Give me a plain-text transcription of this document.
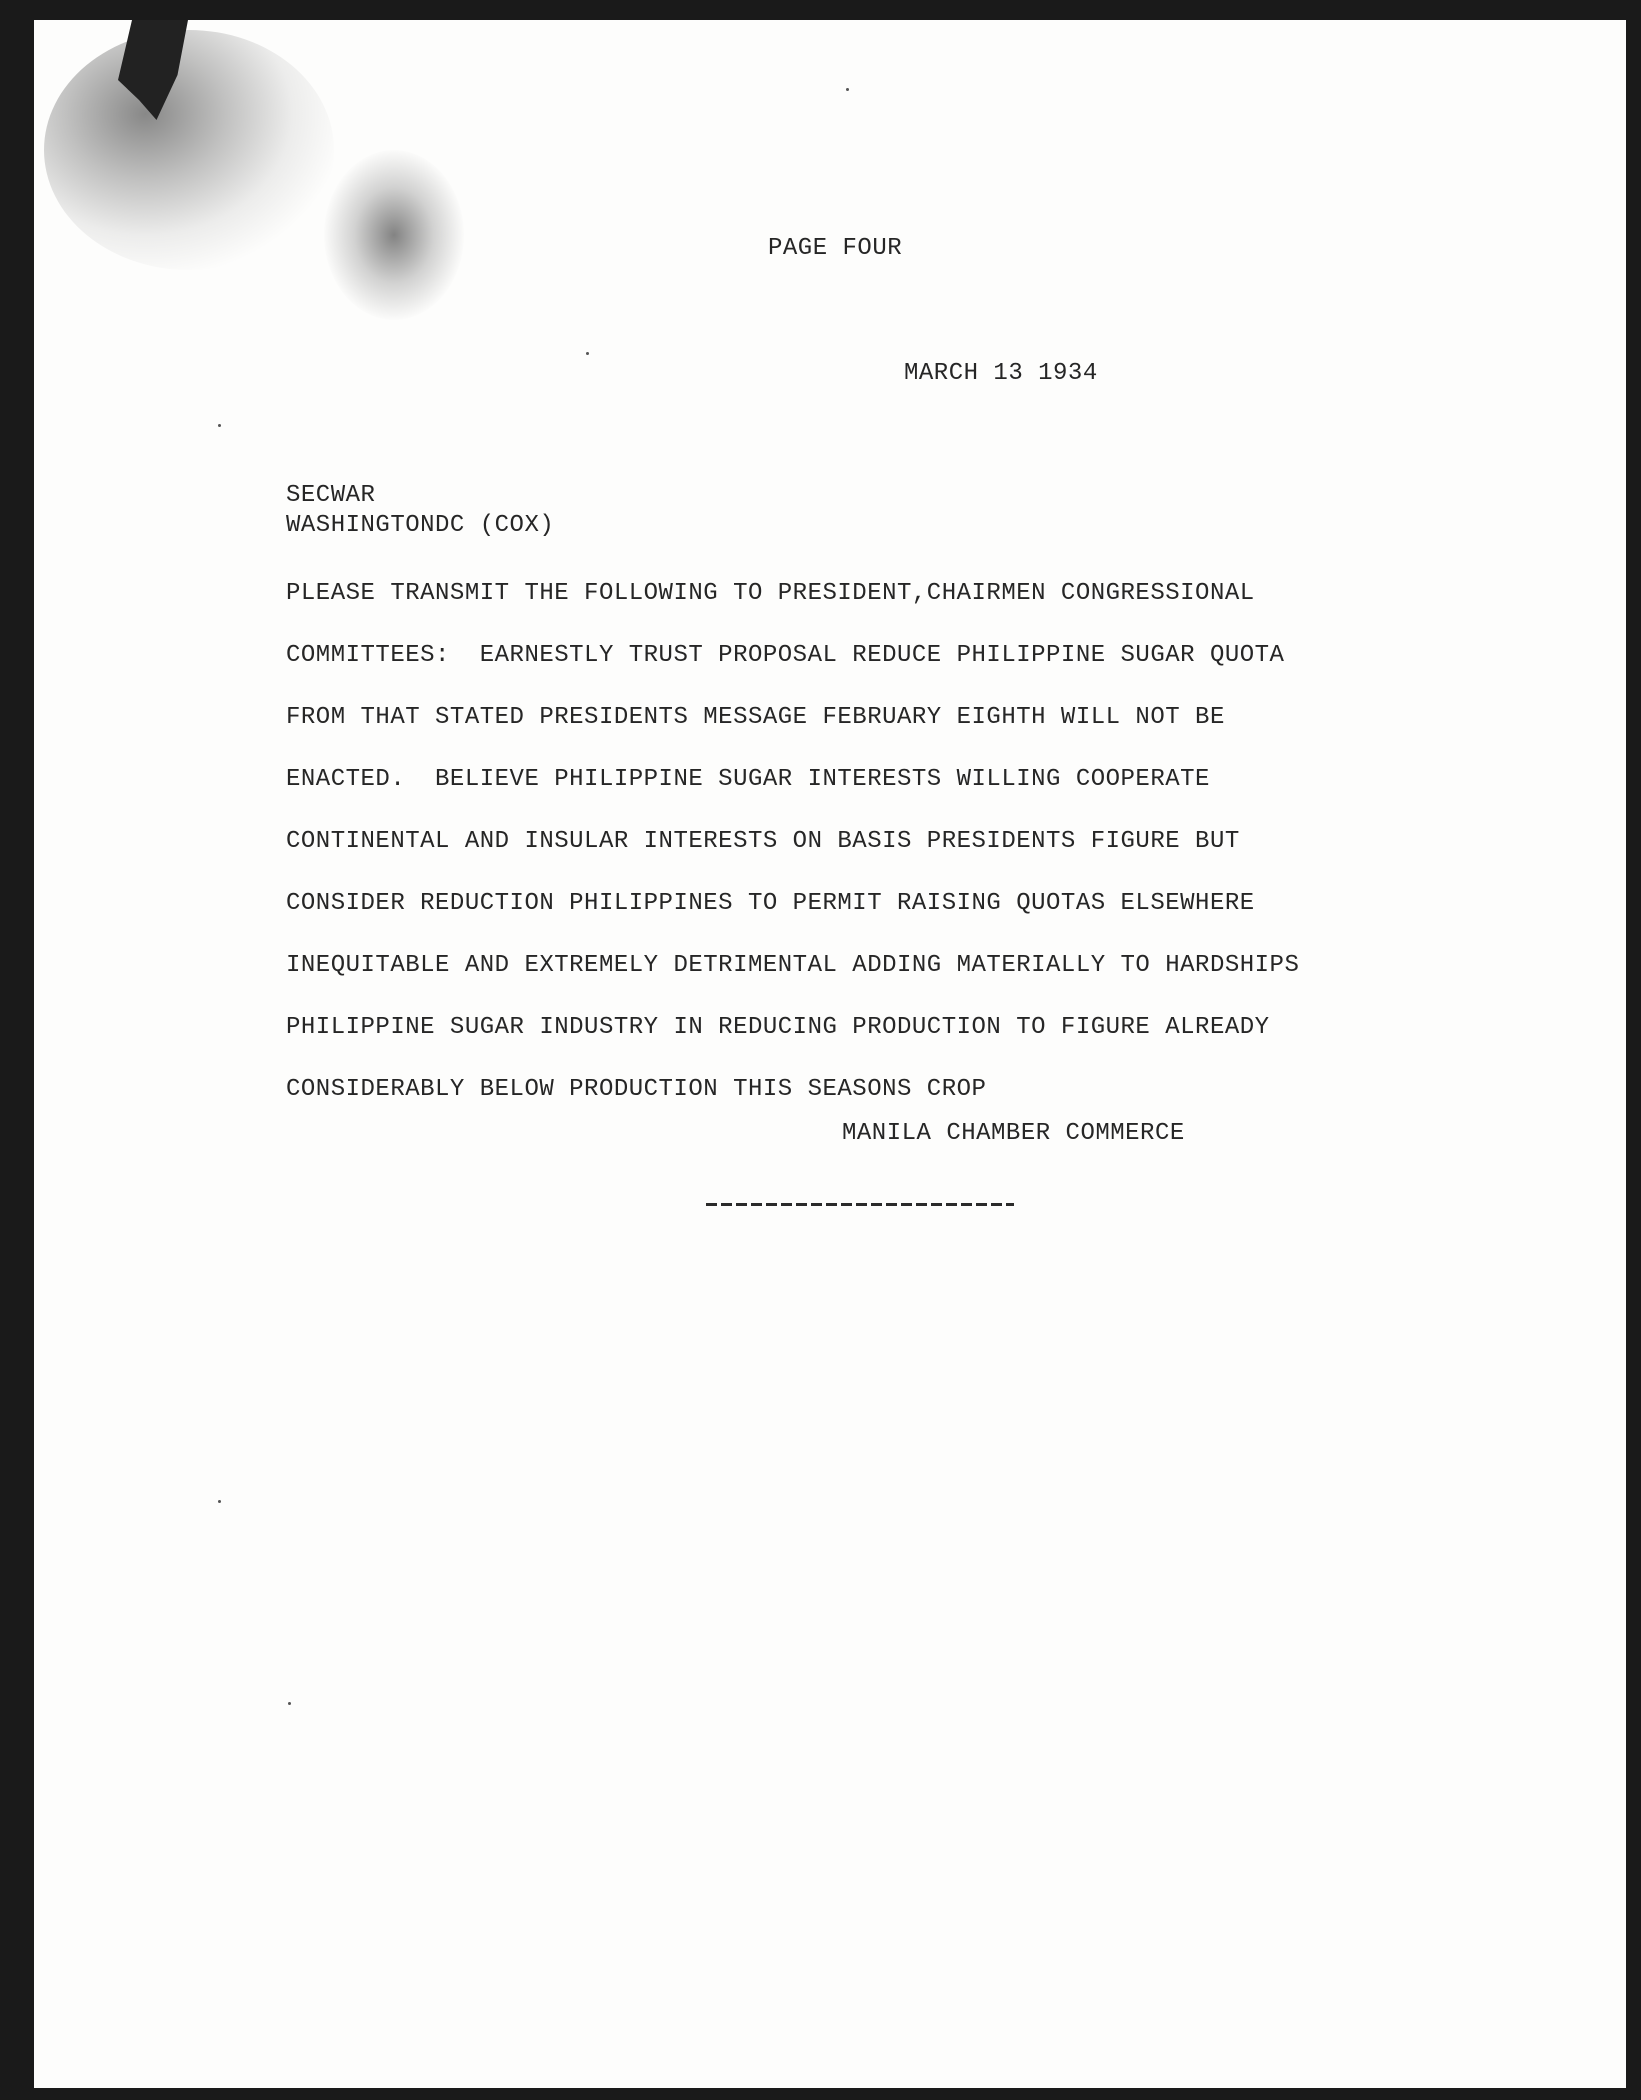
PAGE FOUR

MARCH 13 1934

SECWAR

WASHINGTONDC (COX)

PLEASE TRANSMIT THE FOLLOWING TO PRESIDENT,CHAIRMEN CONGRESSIONAL

COMMITTEES:  EARNESTLY TRUST PROPOSAL REDUCE PHILIPPINE SUGAR QUOTA

FROM THAT STATED PRESIDENTS MESSAGE FEBRUARY EIGHTH WILL NOT BE

ENACTED.  BELIEVE PHILIPPINE SUGAR INTERESTS WILLING COOPERATE

CONTINENTAL AND INSULAR INTERESTS ON BASIS PRESIDENTS FIGURE BUT

CONSIDER REDUCTION PHILIPPINES TO PERMIT RAISING QUOTAS ELSEWHERE

INEQUITABLE AND EXTREMELY DETRIMENTAL ADDING MATERIALLY TO HARDSHIPS

PHILIPPINE SUGAR INDUSTRY IN REDUCING PRODUCTION TO FIGURE ALREADY

CONSIDERABLY BELOW PRODUCTION THIS SEASONS CROP

MANILA CHAMBER COMMERCE
